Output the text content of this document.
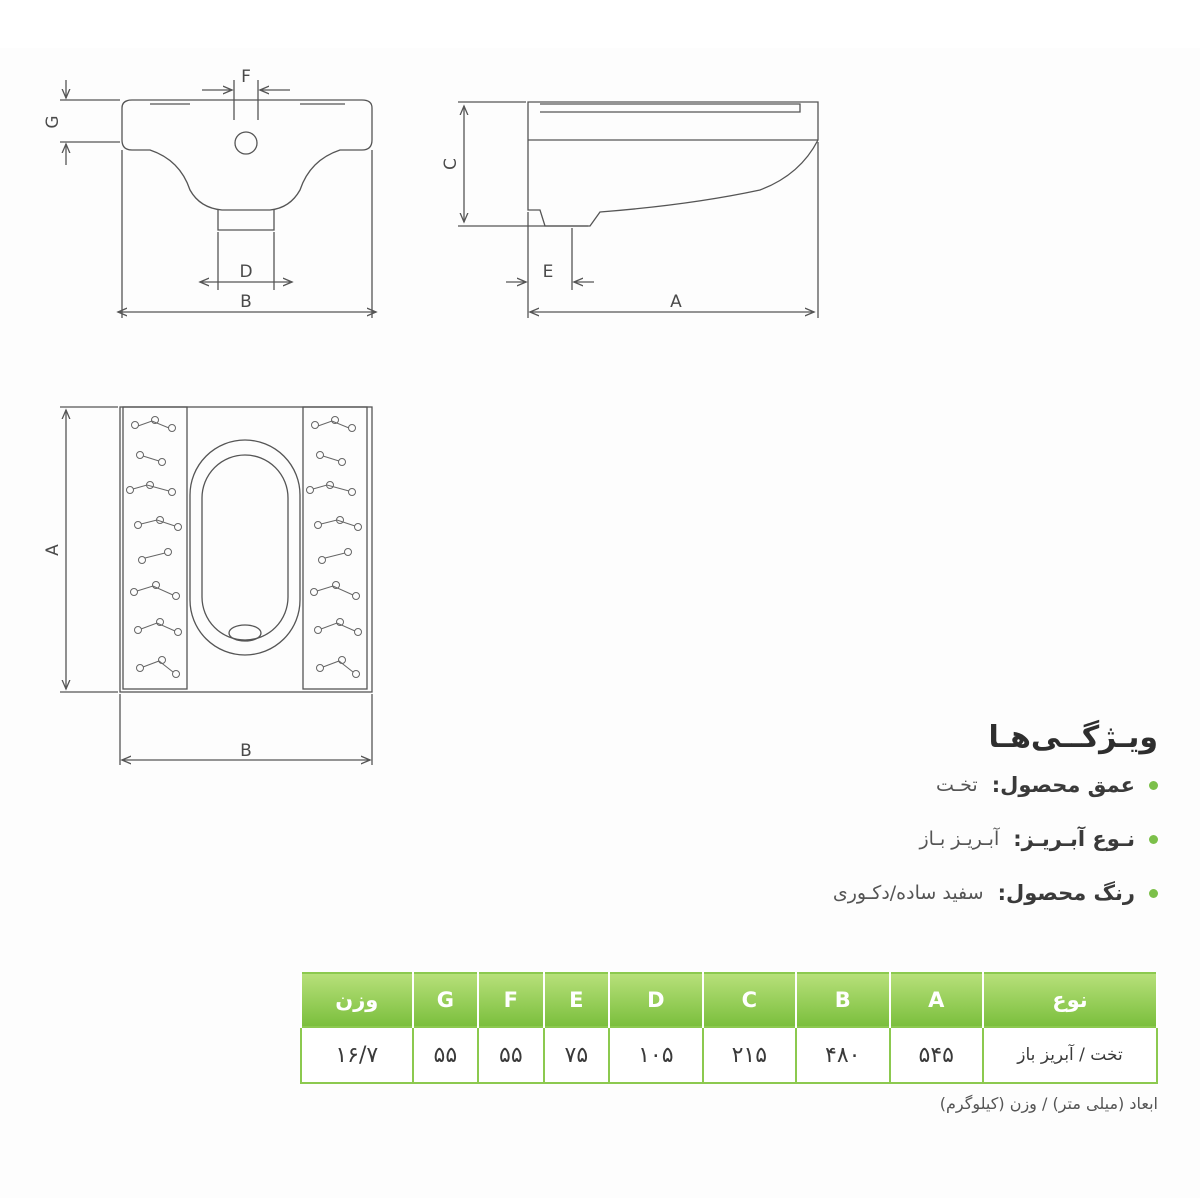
G
F
D
B
C
E
A
A
B	ویـژگــی‌هـا
عمق محصول:
تخـت
نـوع آبـریـز:
آبـریـز بـاز
رنگ محصول:
سفید ساده/دکـوری
نوع	A	B	C	D	E	F	G	وزن
تخت / آبریز باز	۵۴۵	۴۸۰	۲۱۵	۱۰۵	۷۵	۵۵	۵۵	۱۶/۷
ابعاد (میلی متر) / وزن (کیلوگرم)
